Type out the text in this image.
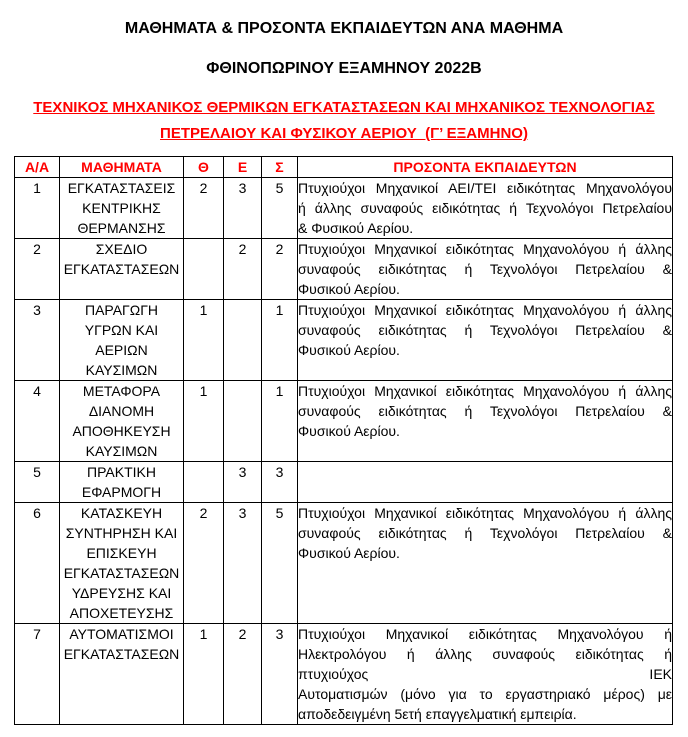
ΜΑΘΗΜΑΤΑ & ΠΡΟΣΟΝΤΑ ΕΚΠΑΙΔΕΥΤΩΝ ΑΝΑ ΜΑΘΗΜΑ
ΦΘΙΝΟΠΩΡΙΝΟΥ ΕΞΑΜΗΝΟΥ 2022Β
ΤΕΧΝΙΚΟΣ ΜΗΧΑΝΙΚΟΣ ΘΕΡΜΙΚΩΝ ΕΓΚΑΤΑΣΤΑΣΕΩΝ ΚΑΙ ΜΗΧΑΝΙΚΟΣ ΤΕΧΝΟΛΟΓΙΑΣ
ΠΕΤΡΕΛΑΙΟΥ ΚΑΙ ΦΥΣΙΚΟΥ ΑΕΡΙΟΥ  (Γ’ ΕΞΑΜΗΝΟ)
Α/Α	ΜΑΘΗΜΑΤΑ	Θ	Ε	Σ	ΠΡΟΣΟΝΤΑ ΕΚΠΑΙΔΕΥΤΩΝ
1	ΕΓΚΑΤΑΣΤΑΣΕΙΣ
ΚΕΝΤΡΙΚΗΣ
ΘΕΡΜΑΝΣΗΣ
	2	3	5	Πτυχιούχοι Μηχανικοί ΑΕΙ/ΤΕΙ ειδικότητας Μηχανολόγου
ή άλλης συναφούς ειδικότητας ή Τεχνολόγοι Πετρελαίου
& Φυσικού Αερίου.

2	ΣΧΕΔΙΟ
ΕΓΚΑΤΑΣΤΑΣΕΩΝ
		2	2	Πτυχιούχοι Μηχανικοί ειδικότητας Μηχανολόγου ή άλλης
συναφούς ειδικότητας ή Τεχνολόγοι Πετρελαίου &
Φυσικού Αερίου.

3	ΠΑΡΑΓΩΓΗ
ΥΓΡΩΝ ΚΑΙ
ΑΕΡΙΩΝ
ΚΑΥΣΙΜΩΝ
	1		1	Πτυχιούχοι Μηχανικοί ειδικότητας Μηχανολόγου ή άλλης
συναφούς ειδικότητας ή Τεχνολόγοι Πετρελαίου &
Φυσικού Αερίου.

4	ΜΕΤΑΦΟΡΑ
ΔΙΑΝΟΜΗ
ΑΠΟΘΗΚΕΥΣΗ
ΚΑΥΣΙΜΩΝ
	1		1	Πτυχιούχοι Μηχανικοί ειδικότητας Μηχανολόγου ή άλλης
συναφούς ειδικότητας ή Τεχνολόγοι Πετρελαίου &
Φυσικού Αερίου.

5	ΠΡΑΚΤΙΚΗ
ΕΦΑΡΜΟΓΗ		3	3	
6	ΚΑΤΑΣΚΕΥΗ
ΣΥΝΤΗΡΗΣΗ ΚΑΙ
ΕΠΙΣΚΕΥΗ
ΕΓΚΑΤΑΣΤΑΣΕΩΝ
ΥΔΡΕΥΣΗΣ ΚΑΙ
ΑΠΟΧΕΤΕΥΣΗΣ
	2	3	5	Πτυχιούχοι Μηχανικοί ειδικότητας Μηχανολόγου ή άλλης
συναφούς ειδικότητας ή Τεχνολόγοι Πετρελαίου &
Φυσικού Αερίου.

7	ΑΥΤΟΜΑΤΙΣΜΟΙ
ΕΓΚΑΤΑΣΤΑΣΕΩΝ
	1	2	3	Πτυχιούχοι Μηχανικοί ειδικότητας Μηχανολόγου ή
Ηλεκτρολόγου ή άλλης συναφούς ειδικότητας ή
πτυχιούχος ΙΕΚ
Αυτοματισμών (μόνο για το εργαστηριακό μέρος) με
αποδεδειγμένη 5ετή επαγγελματική εμπειρία.
